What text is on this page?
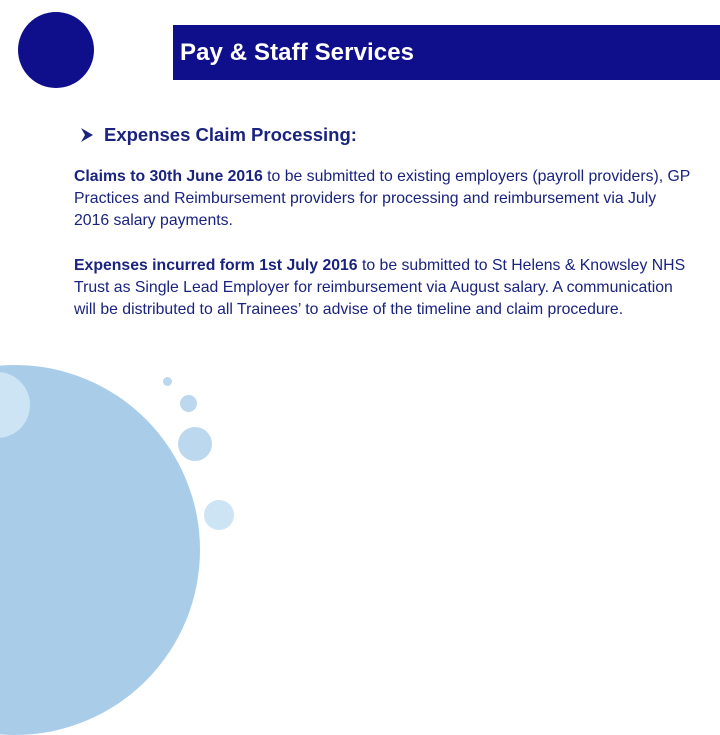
Pay & Staff Services
Expenses Claim Processing:

Claims to 30th June 2016 to be submitted to existing employers (payroll providers), GP Practices and Reimbursement providers for processing and reimbursement via July 2016 salary payments.

Expenses incurred form 1st July 2016 to be submitted to St Helens & Knowsley NHS Trust as Single Lead Employer for reimbursement via August salary. A communication will be distributed to all Trainees’ to advise of the timeline and claim procedure.
